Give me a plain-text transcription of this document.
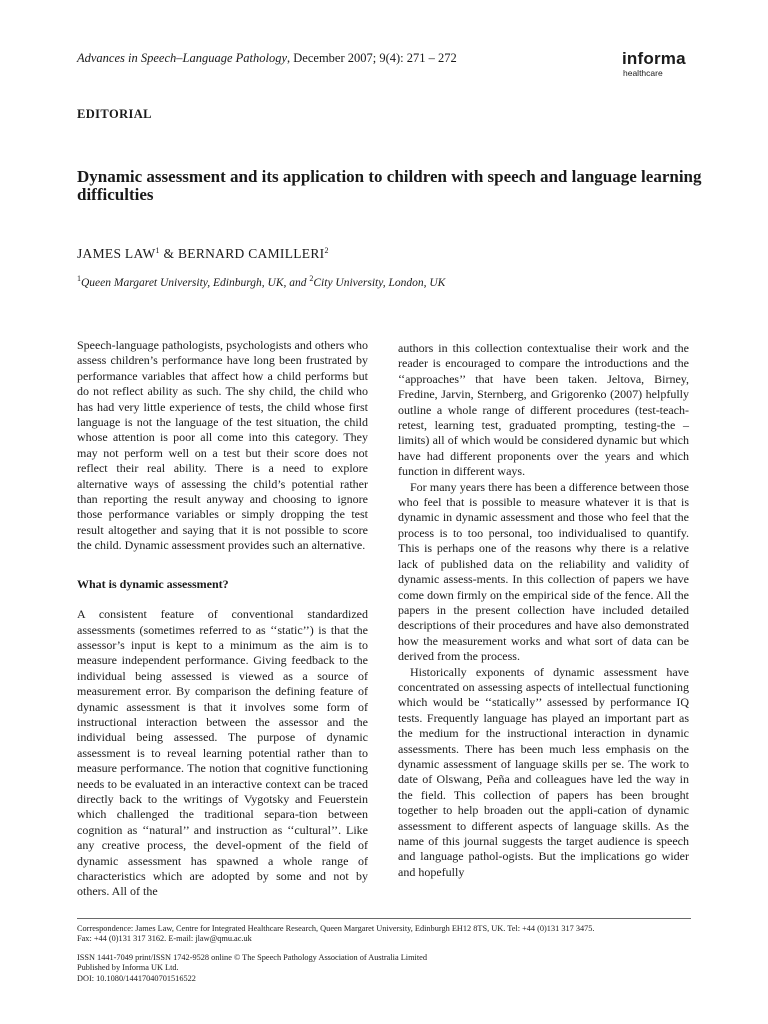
Advances in Speech–Language Pathology, December 2007; 9(4): 271 – 272	informa
healthcare
EDITORIAL
Dynamic assessment and its application to children with speech and language learning difficulties
JAMES LAW$^1$ & BERNARD CAMILLERI$^2$
$^1$Queen Margaret University, Edinburgh, UK, and $^2$City University, London, UK

Speech-language pathologists, psychologists and others who assess children’s performance have long been frustrated by performance variables that affect how a child performs but do not reflect ability as such. The shy child, the child who has had very little experience of tests, the child whose first language is not the language of the test situation, the child whose attention is poor all come into this category. They may not perform well on a test but their score does not reflect their real ability. There is a need to explore alternative ways of assessing the child’s potential rather than reporting the result anyway and choosing to ignore those performance variables or simply dropping the test result altogether and saying that it is not possible to score the child. Dynamic assessment provides such an alternative.

What is dynamic assessment?

A consistent feature of conventional standardized assessments (sometimes referred to as ‘‘static’’) is that the assessor’s input is kept to a minimum as the aim is to measure independent performance. Giving feedback to the individual being assessed is viewed as a source of measurement error. By comparison the defining feature of dynamic assessment is that it involves some form of instructional interaction between the assessor and the individual being assessed. The purpose of dynamic assessment is to reveal learning potential rather than to measure performance. The notion that cognitive functioning needs to be evaluated in an interactive context can be traced directly back to the writings of Vygotsky and Feuerstein which challenged the traditional separa-tion between cognition as ‘‘natural’’ and instruction as ‘‘cultural’’. Like any creative process, the devel-opment of the field of dynamic assessment has spawned a whole range of characteristics which are adopted by some and not by others. All of the

authors in this collection contextualise their work and the reader is encouraged to compare the introductions and the ‘‘approaches’’ that have been taken. Jeltova, Birney, Fredine, Jarvin, Sternberg, and Grigorenko (2007) helpfully outline a whole range of different procedures (test-teach-retest, learning test, graduated prompting, testing-the – limits) all of which would be considered dynamic but which have had different proponents over the years and which function in different ways.

For many years there has been a difference between those who feel that is possible to measure whatever it is that is dynamic in dynamic assessment and those who feel that the process is to too personal, too individualised to quantify. This is perhaps one of the reasons why there is a relative lack of published data on the reliability and validity of dynamic assess-ments. In this collection of papers we have come down firmly on the empirical side of the fence. All the papers in the present collection have included detailed descriptions of their procedures and have also demonstrated how the measurement works and what sort of data can be derived from the process.

Historically exponents of dynamic assessment have concentrated on assessing aspects of intellectual functioning which would be ‘‘statically’’ assessed by performance IQ tests. Frequently language has played an important part as the medium for the instructional interaction in dynamic assessments. There has been much less emphasis on the dynamic assessment of language skills per se. The work to date of Olswang, Peña and colleagues have led the way in the field. This collection of papers has been brought together to help broaden out the appli-cation of dynamic assessment to different aspects of language skills. As the name of this journal suggests the target audience is speech and language pathol-ogists. But the implications go wider and hopefully

Correspondence: James Law, Centre for Integrated Healthcare Research, Queen Margaret University, Edinburgh EH12 8TS, UK. Tel: +44 (0)131 317 3475.
Fax: +44 (0)131 317 3162. E-mail: jlaw@qmu.ac.uk
ISSN 1441-7049 print/ISSN 1742-9528 online © The Speech Pathology Association of Australia Limited
Published by Informa UK Ltd.
DOI: 10.1080/14417040701516522
